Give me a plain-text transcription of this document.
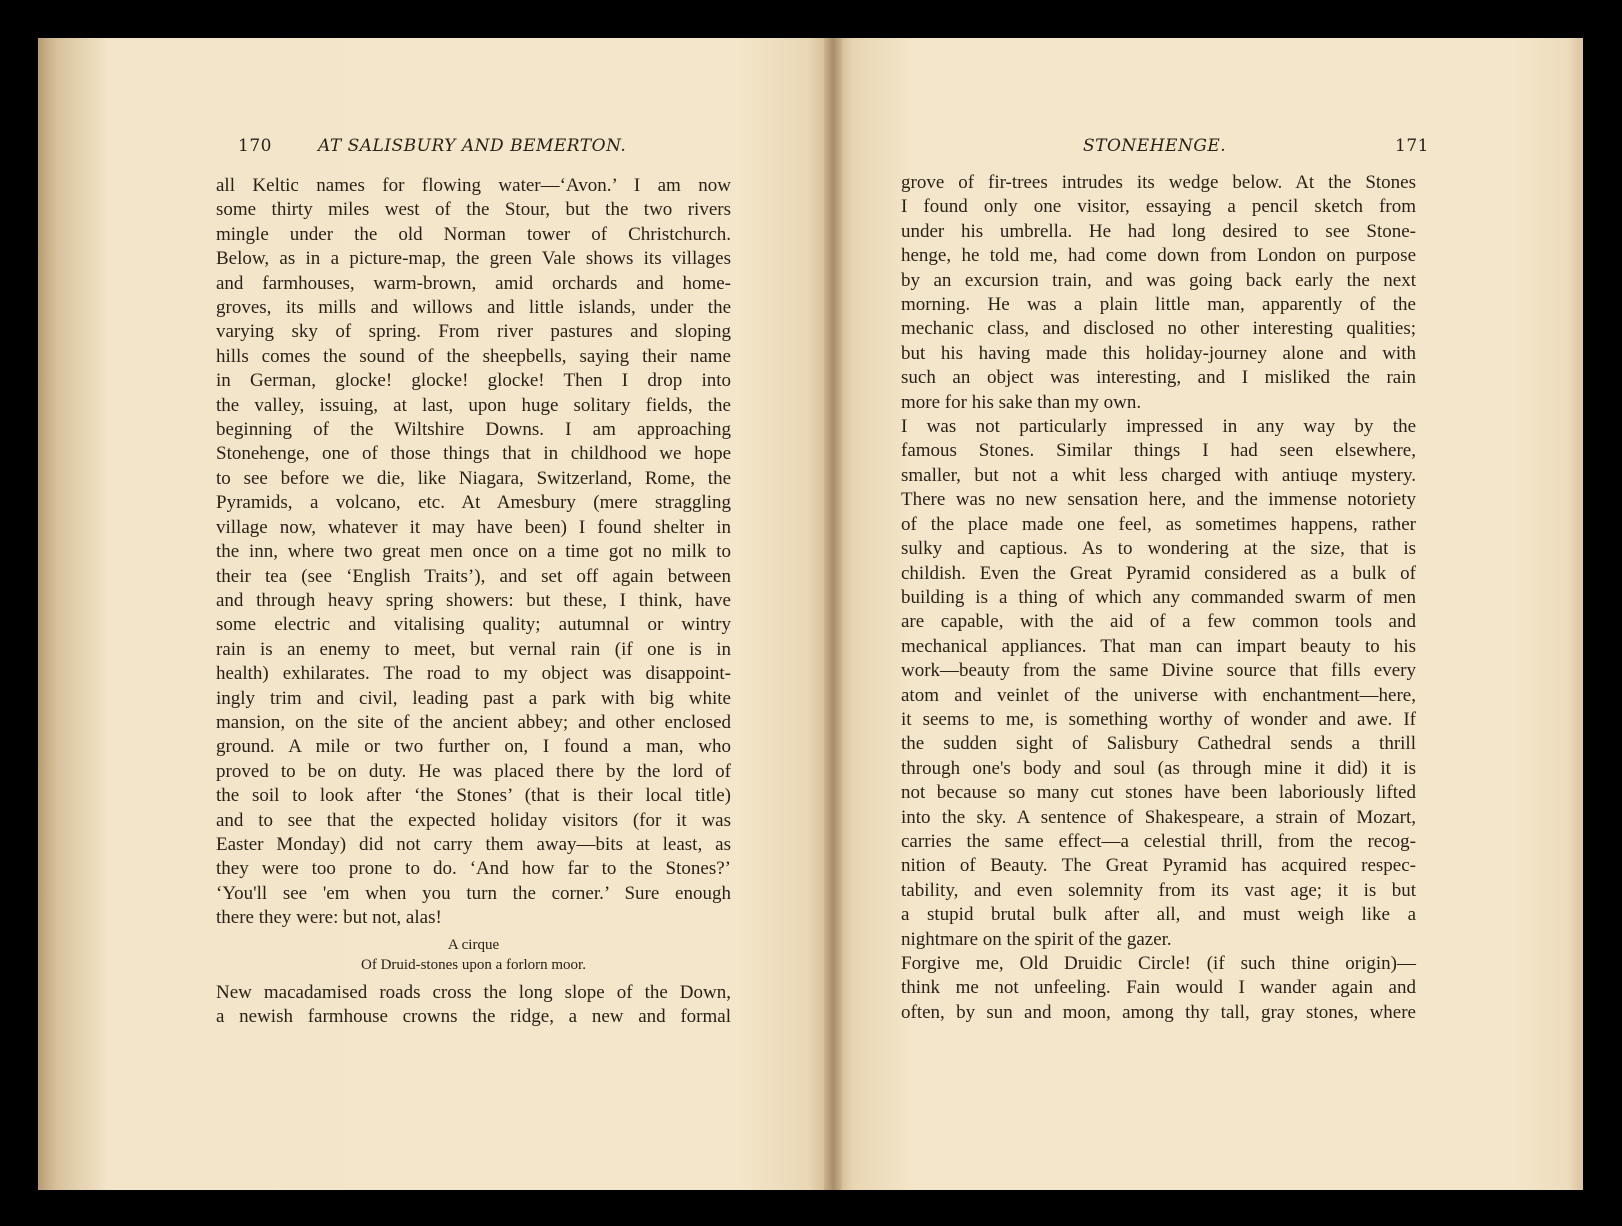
170	AT SALISBURY AND BEMERTON.
all Keltic names for flowing water—‘Avon.’ I am now
some thirty miles west of the Stour, but the two rivers
mingle under the old Norman tower of Christchurch.
Below, as in a picture-map, the green Vale shows its villages
and farmhouses, warm-brown, amid orchards and home-
groves, its mills and willows and little islands, under the
varying sky of spring. From river pastures and sloping
hills comes the sound of the sheepbells, saying their name
in German, glocke! glocke! glocke! Then I drop into
the valley, issuing, at last, upon huge solitary fields, the
beginning of the Wiltshire Downs. I am approaching
Stonehenge, one of those things that in childhood we hope
to see before we die, like Niagara, Switzerland, Rome, the
Pyramids, a volcano, etc. At Amesbury (mere straggling
village now, whatever it may have been) I found shelter in
the inn, where two great men once on a time got no milk to
their tea (see ‘English Traits’), and set off again between
and through heavy spring showers: but these, I think, have
some electric and vitalising quality; autumnal or wintry
rain is an enemy to meet, but vernal rain (if one is in
health) exhilarates. The road to my object was disappoint-
ingly trim and civil, leading past a park with big white
mansion, on the site of the ancient abbey; and other enclosed
ground. A mile or two further on, I found a man, who
proved to be on duty. He was placed there by the lord of
the soil to look after ‘the Stones’ (that is their local title)
and to see that the expected holiday visitors (for it was
Easter Monday) did not carry them away—bits at least, as
they were too prone to do. ‘And how far to the Stones?’
‘You'll see 'em when you turn the corner.’ Sure enough
there they were: but not, alas!
A cirque
Of Druid-stones upon a forlorn moor.
New macadamised roads cross the long slope of the Down,
a newish farmhouse crowns the ridge, a new and formal
STONEHENGE.	171
grove of fir-trees intrudes its wedge below. At the Stones
I found only one visitor, essaying a pencil sketch from
under his umbrella. He had long desired to see Stone-
henge, he told me, had come down from London on purpose
by an excursion train, and was going back early the next
morning. He was a plain little man, apparently of the
mechanic class, and disclosed no other interesting qualities;
but his having made this holiday-journey alone and with
such an object was interesting, and I misliked the rain
more for his sake than my own.
I was not particularly impressed in any way by the
famous Stones. Similar things I had seen elsewhere,
smaller, but not a whit less charged with antiuqe mystery.
There was no new sensation here, and the immense notoriety
of the place made one feel, as sometimes happens, rather
sulky and captious. As to wondering at the size, that is
childish. Even the Great Pyramid considered as a bulk of
building is a thing of which any commanded swarm of men
are capable, with the aid of a few common tools and
mechanical appliances. That man can impart beauty to his
work—beauty from the same Divine source that fills every
atom and veinlet of the universe with enchantment—here,
it seems to me, is something worthy of wonder and awe. If
the sudden sight of Salisbury Cathedral sends a thrill
through one's body and soul (as through mine it did) it is
not because so many cut stones have been laboriously lifted
into the sky. A sentence of Shakespeare, a strain of Mozart,
carries the same effect—a celestial thrill, from the recog-
nition of Beauty. The Great Pyramid has acquired respec-
tability, and even solemnity from its vast age; it is but
a stupid brutal bulk after all, and must weigh like a
nightmare on the spirit of the gazer.
Forgive me, Old Druidic Circle! (if such thine origin)—
think me not unfeeling. Fain would I wander again and
often, by sun and moon, among thy tall, gray stones, where
